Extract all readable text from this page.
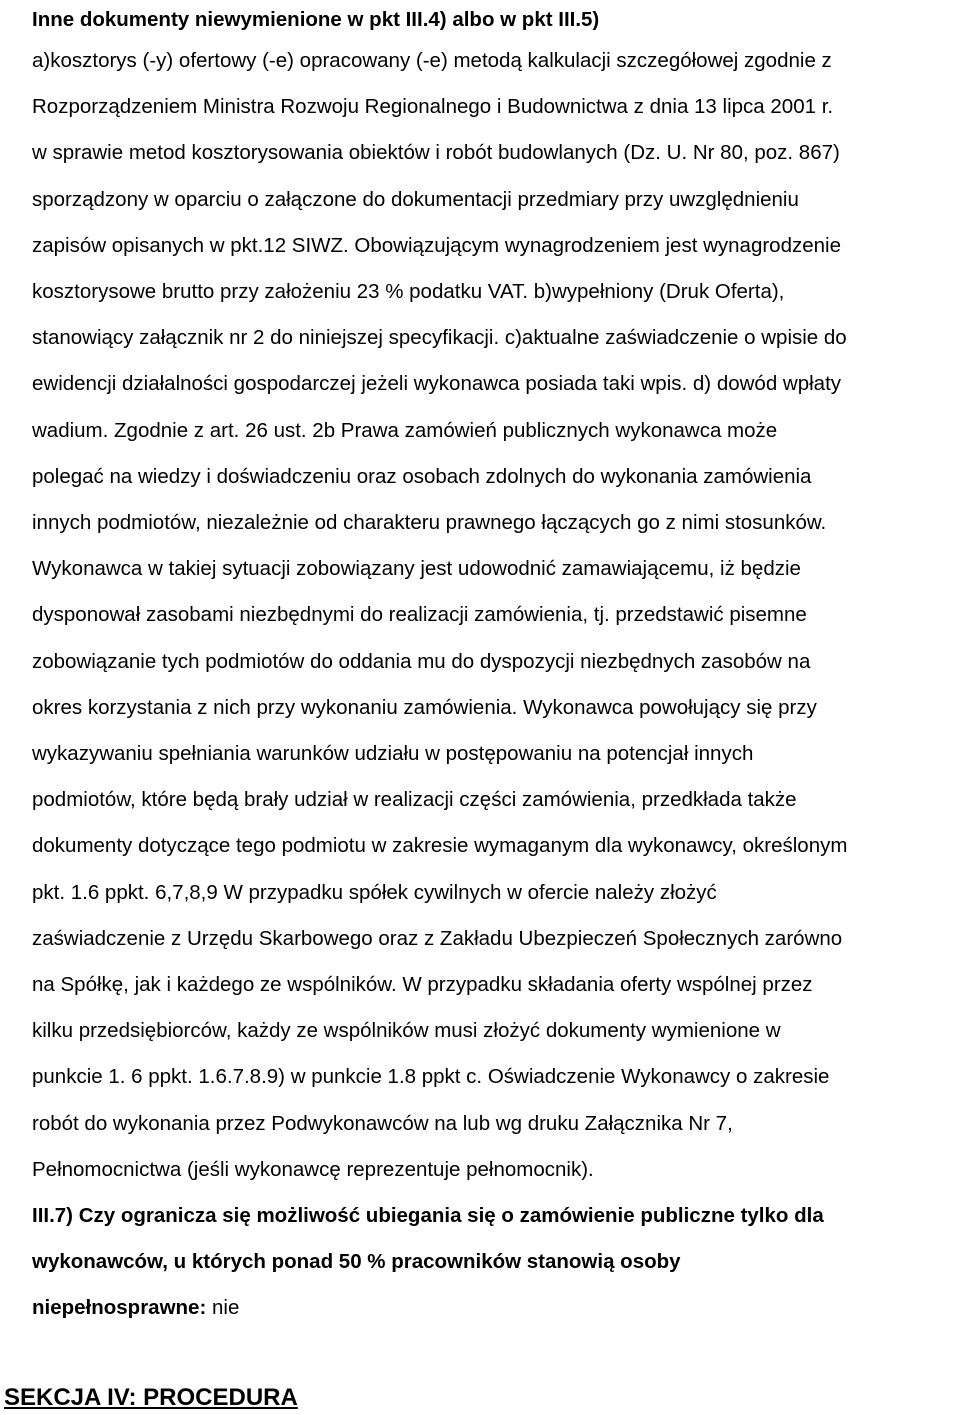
Inne dokumenty niewymienione w pkt III.4) albo w pkt III.5)

a)kosztorys (-y) ofertowy (-e) opracowany (-e) metodą kalkulacji szczegółowej zgodnie z

Rozporządzeniem Ministra Rozwoju Regionalnego i Budownictwa z dnia 13 lipca 2001 r.

w sprawie metod kosztorysowania obiektów i robót budowlanych (Dz. U. Nr 80, poz. 867)

sporządzony w oparciu o załączone do dokumentacji przedmiary przy uwzględnieniu

zapisów opisanych w pkt.12 SIWZ. Obowiązującym wynagrodzeniem jest wynagrodzenie

kosztorysowe brutto przy założeniu 23 % podatku VAT. b)wypełniony (Druk Oferta),

stanowiący załącznik nr 2 do niniejszej specyfikacji. c)aktualne zaświadczenie o wpisie do

ewidencji działalności gospodarczej jeżeli wykonawca posiada taki wpis. d) dowód wpłaty

wadium. Zgodnie z art. 26 ust. 2b Prawa zamówień publicznych wykonawca może

polegać na wiedzy i doświadczeniu oraz osobach zdolnych do wykonania zamówienia

innych podmiotów, niezależnie od charakteru prawnego łączących go z nimi stosunków.

Wykonawca w takiej sytuacji zobowiązany jest udowodnić zamawiającemu, iż będzie

dysponował zasobami niezbędnymi do realizacji zamówienia, tj. przedstawić pisemne

zobowiązanie tych podmiotów do oddania mu do dyspozycji niezbędnych zasobów na

okres korzystania z nich przy wykonaniu zamówienia. Wykonawca powołujący się przy

wykazywaniu spełniania warunków udziału w postępowaniu na potencjał innych

podmiotów, które będą brały udział w realizacji części zamówienia, przedkłada także

dokumenty dotyczące tego podmiotu w zakresie wymaganym dla wykonawcy, określonym

pkt. 1.6 ppkt. 6,7,8,9 W przypadku spółek cywilnych w ofercie należy złożyć

zaświadczenie z Urzędu Skarbowego oraz z Zakładu Ubezpieczeń Społecznych zarówno

na Spółkę, jak i każdego ze wspólników. W przypadku składania oferty wspólnej przez

kilku przedsiębiorców, każdy ze wspólników musi złożyć dokumenty wymienione w

punkcie 1. 6 ppkt. 1.6.7.8.9) w punkcie 1.8 ppkt c. Oświadczenie Wykonawcy o zakresie

robót do wykonania przez Podwykonawców na lub wg druku Załącznika Nr 7,

Pełnomocnictwa (jeśli wykonawcę reprezentuje pełnomocnik).

III.7) Czy ogranicza się możliwość ubiegania się o zamówienie publiczne tylko dla

wykonawców, u których ponad 50 % pracowników stanowią osoby

niepełnosprawne: nie

SEKCJA IV: PROCEDURA
